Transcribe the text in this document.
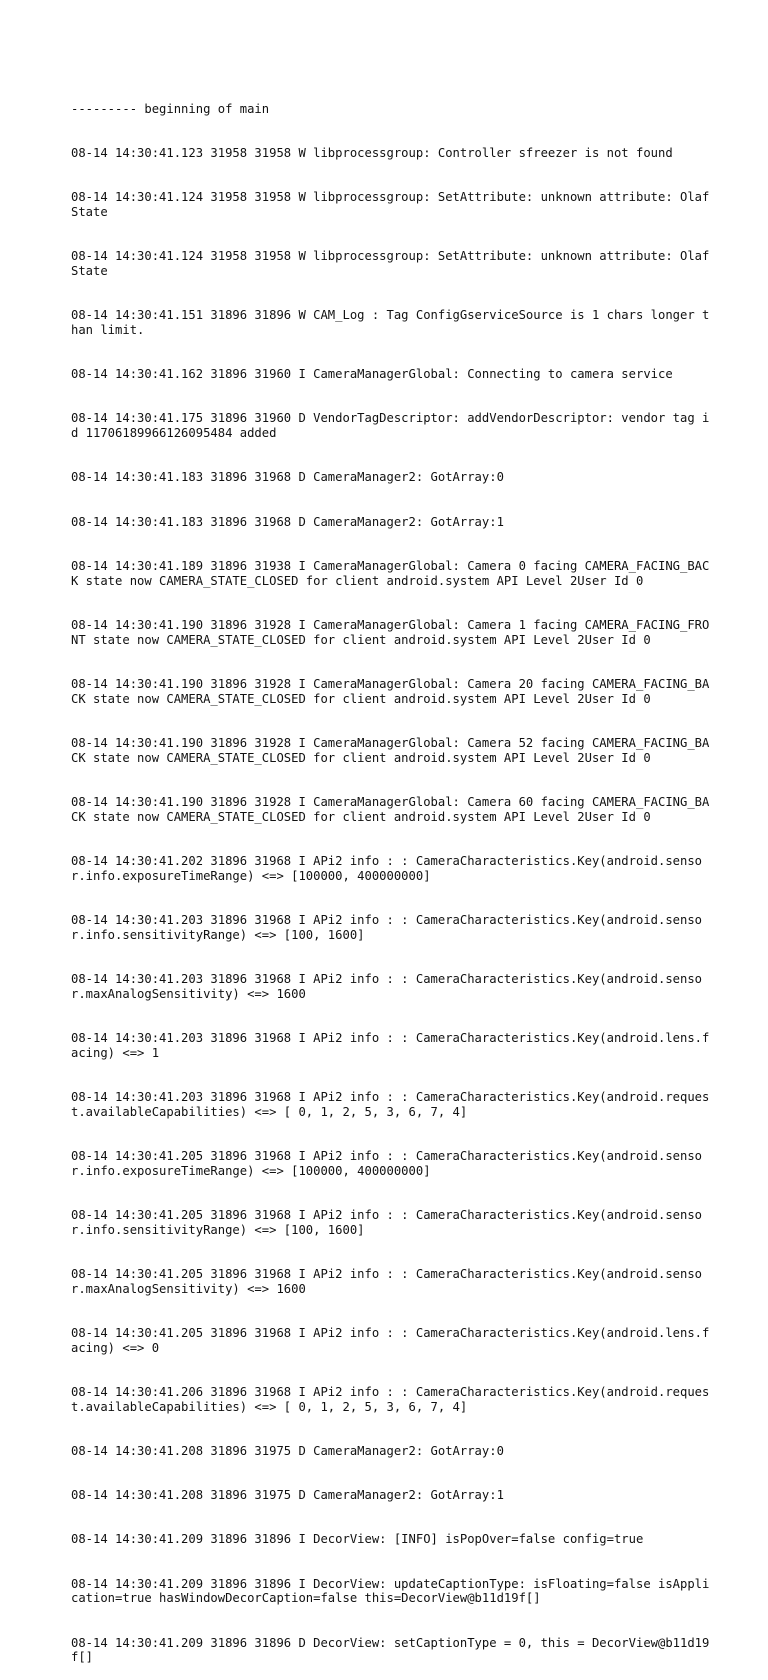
--------- beginning of main

08-14 14:30:41.123 31958 31958 W libprocessgroup: Controller sfreezer is not found

08-14 14:30:41.124 31958 31958 W libprocessgroup: SetAttribute: unknown attribute: OlafState

08-14 14:30:41.124 31958 31958 W libprocessgroup: SetAttribute: unknown attribute: OlafState

08-14 14:30:41.151 31896 31896 W CAM_Log : Tag ConfigGserviceSource is 1 chars longer than limit.

08-14 14:30:41.162 31896 31960 I CameraManagerGlobal: Connecting to camera service

08-14 14:30:41.175 31896 31960 D VendorTagDescriptor: addVendorDescriptor: vendor tag id 11706189966126095484 added

08-14 14:30:41.183 31896 31968 D CameraManager2: GotArray:0

08-14 14:30:41.183 31896 31968 D CameraManager2: GotArray:1

08-14 14:30:41.189 31896 31938 I CameraManagerGlobal: Camera 0 facing CAMERA_FACING_BACK state now CAMERA_STATE_CLOSED for client android.system API Level 2User Id 0

08-14 14:30:41.190 31896 31928 I CameraManagerGlobal: Camera 1 facing CAMERA_FACING_FRONT state now CAMERA_STATE_CLOSED for client android.system API Level 2User Id 0

08-14 14:30:41.190 31896 31928 I CameraManagerGlobal: Camera 20 facing CAMERA_FACING_BACK state now CAMERA_STATE_CLOSED for client android.system API Level 2User Id 0

08-14 14:30:41.190 31896 31928 I CameraManagerGlobal: Camera 52 facing CAMERA_FACING_BACK state now CAMERA_STATE_CLOSED for client android.system API Level 2User Id 0

08-14 14:30:41.190 31896 31928 I CameraManagerGlobal: Camera 60 facing CAMERA_FACING_BACK state now CAMERA_STATE_CLOSED for client android.system API Level 2User Id 0

08-14 14:30:41.202 31896 31968 I APi2 info : : CameraCharacteristics.Key(android.sensor.info.exposureTimeRange) <=> [100000, 400000000]

08-14 14:30:41.203 31896 31968 I APi2 info : : CameraCharacteristics.Key(android.sensor.info.sensitivityRange) <=> [100, 1600]

08-14 14:30:41.203 31896 31968 I APi2 info : : CameraCharacteristics.Key(android.sensor.maxAnalogSensitivity) <=> 1600

08-14 14:30:41.203 31896 31968 I APi2 info : : CameraCharacteristics.Key(android.lens.facing) <=> 1

08-14 14:30:41.203 31896 31968 I APi2 info : : CameraCharacteristics.Key(android.request.availableCapabilities) <=> [ 0, 1, 2, 5, 3, 6, 7, 4]

08-14 14:30:41.205 31896 31968 I APi2 info : : CameraCharacteristics.Key(android.sensor.info.exposureTimeRange) <=> [100000, 400000000]

08-14 14:30:41.205 31896 31968 I APi2 info : : CameraCharacteristics.Key(android.sensor.info.sensitivityRange) <=> [100, 1600]

08-14 14:30:41.205 31896 31968 I APi2 info : : CameraCharacteristics.Key(android.sensor.maxAnalogSensitivity) <=> 1600

08-14 14:30:41.205 31896 31968 I APi2 info : : CameraCharacteristics.Key(android.lens.facing) <=> 0

08-14 14:30:41.206 31896 31968 I APi2 info : : CameraCharacteristics.Key(android.request.availableCapabilities) <=> [ 0, 1, 2, 5, 3, 6, 7, 4]

08-14 14:30:41.208 31896 31975 D CameraManager2: GotArray:0

08-14 14:30:41.208 31896 31975 D CameraManager2: GotArray:1

08-14 14:30:41.209 31896 31896 I DecorView: [INFO] isPopOver=false config=true

08-14 14:30:41.209 31896 31896 I DecorView: updateCaptionType: isFloating=false isApplication=true hasWindowDecorCaption=false this=DecorView@b11d19f[]

08-14 14:30:41.209 31896 31896 D DecorView: setCaptionType = 0, this = DecorView@b11d19f[]
